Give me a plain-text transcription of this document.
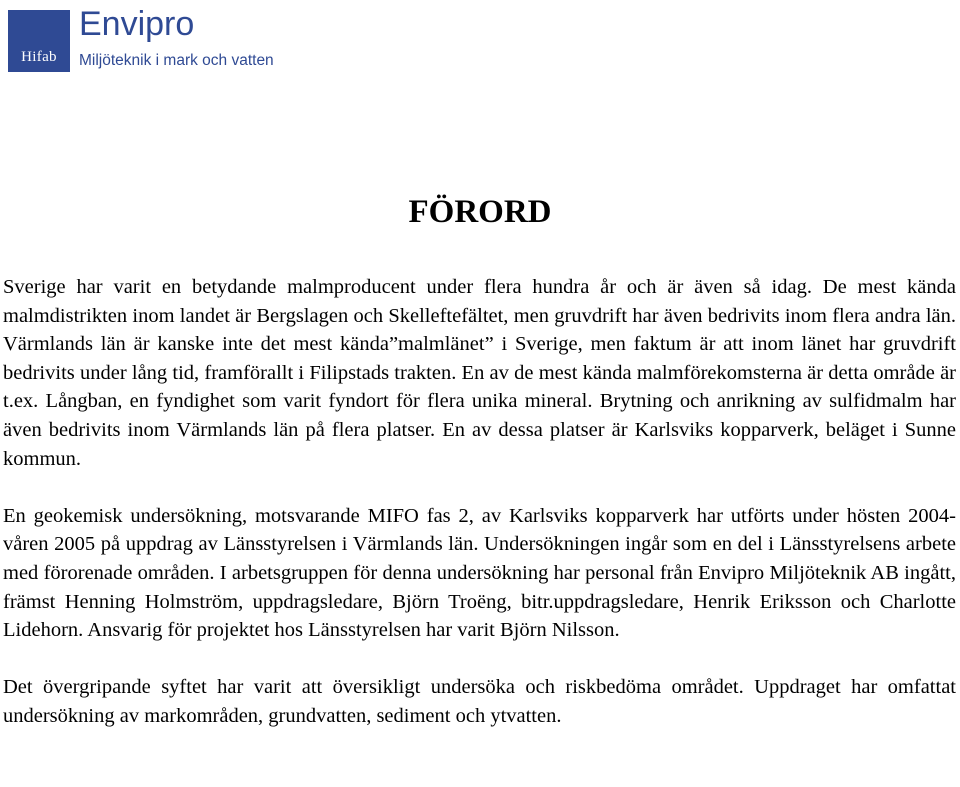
Hifab
Envipro
Miljöteknik i mark och vatten
FÖRORD

Sverige har varit en betydande malmproducent under flera hundra år och är även så idag. De mest kända malmdistrikten inom landet är Bergslagen och Skelleftefältet, men gruvdrift har även bedrivits inom flera andra län. Värmlands län är kanske inte det mest kända”malmlänet” i Sverige, men faktum är att inom länet har gruvdrift bedrivits under lång tid, framförallt i Filipstads trakten. En av de mest kända malmförekomsterna är detta område är t.ex. Långban, en fyndighet som varit fyndort för flera unika mineral. Brytning och anrikning av sulfidmalm har även bedrivits inom Värmlands län på flera platser. En av dessa platser är Karlsviks kopparverk, beläget i Sunne kommun.

En geokemisk undersökning, motsvarande MIFO fas 2, av Karlsviks kopparverk har utförts under hösten 2004-våren 2005 på uppdrag av Länsstyrelsen i Värmlands län. Undersökningen ingår som en del i Länsstyrelsens arbete med förorenade områden. I arbetsgruppen för denna undersökning har personal från Envipro Miljöteknik AB ingått, främst Henning Holmström, uppdragsledare, Björn Troëng, bitr.uppdragsledare, Henrik Eriksson och Charlotte Lidehorn. Ansvarig för projektet hos Länsstyrelsen har varit Björn Nilsson.

Det övergripande syftet har varit att översikligt undersöka och riskbedöma området. Uppdraget har omfattat undersökning av markområden, grundvatten, sediment och ytvatten.
